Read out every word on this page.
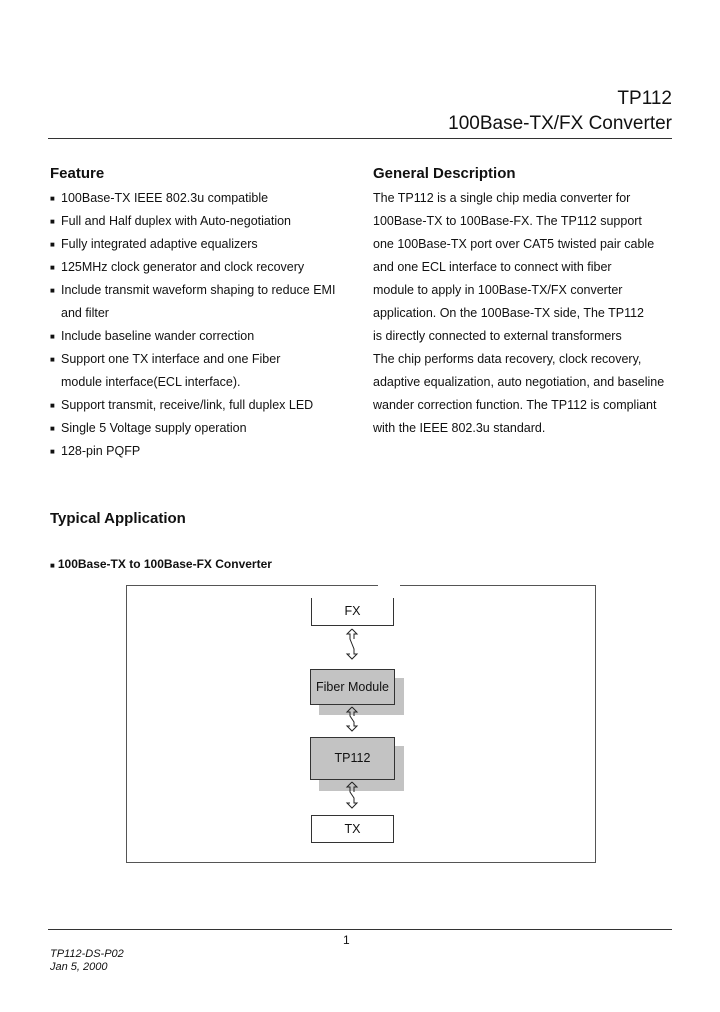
TP112
100Base-TX/FX Converter
Feature
■ 100Base-TX IEEE 802.3u compatible
■ Full and Half duplex with Auto-negotiation
■ Fully integrated adaptive equalizers
■ 125MHz clock generator and clock recovery
■ Include transmit waveform shaping to reduce EMI and filter
■ Include baseline wander correction
■ Support one TX interface and one Fiber module interface(ECL interface).
■ Support transmit, receive/link, full duplex LED
■ Single 5 Voltage supply operation
■ 128-pin PQFP
General Description

The TP112 is a single chip media converter for 100Base-TX to 100Base-FX. The TP112 support one 100Base-TX port over CAT5 twisted pair cable and one ECL interface to connect with fiber module to apply in 100Base-TX/FX converter application. On the 100Base-TX side, The TP112 is directly connected to external transformers

The chip performs data recovery, clock recovery, adaptive equalization, auto negotiation, and baseline wander correction function. The TP112 is compliant with the IEEE 802.3u standard.

Typical Application
■ 100Base-TX to 100Base-FX Converter
FX
Fiber Module
TP112
TX
1
TP112-DS-P02
Jan 5, 2000
